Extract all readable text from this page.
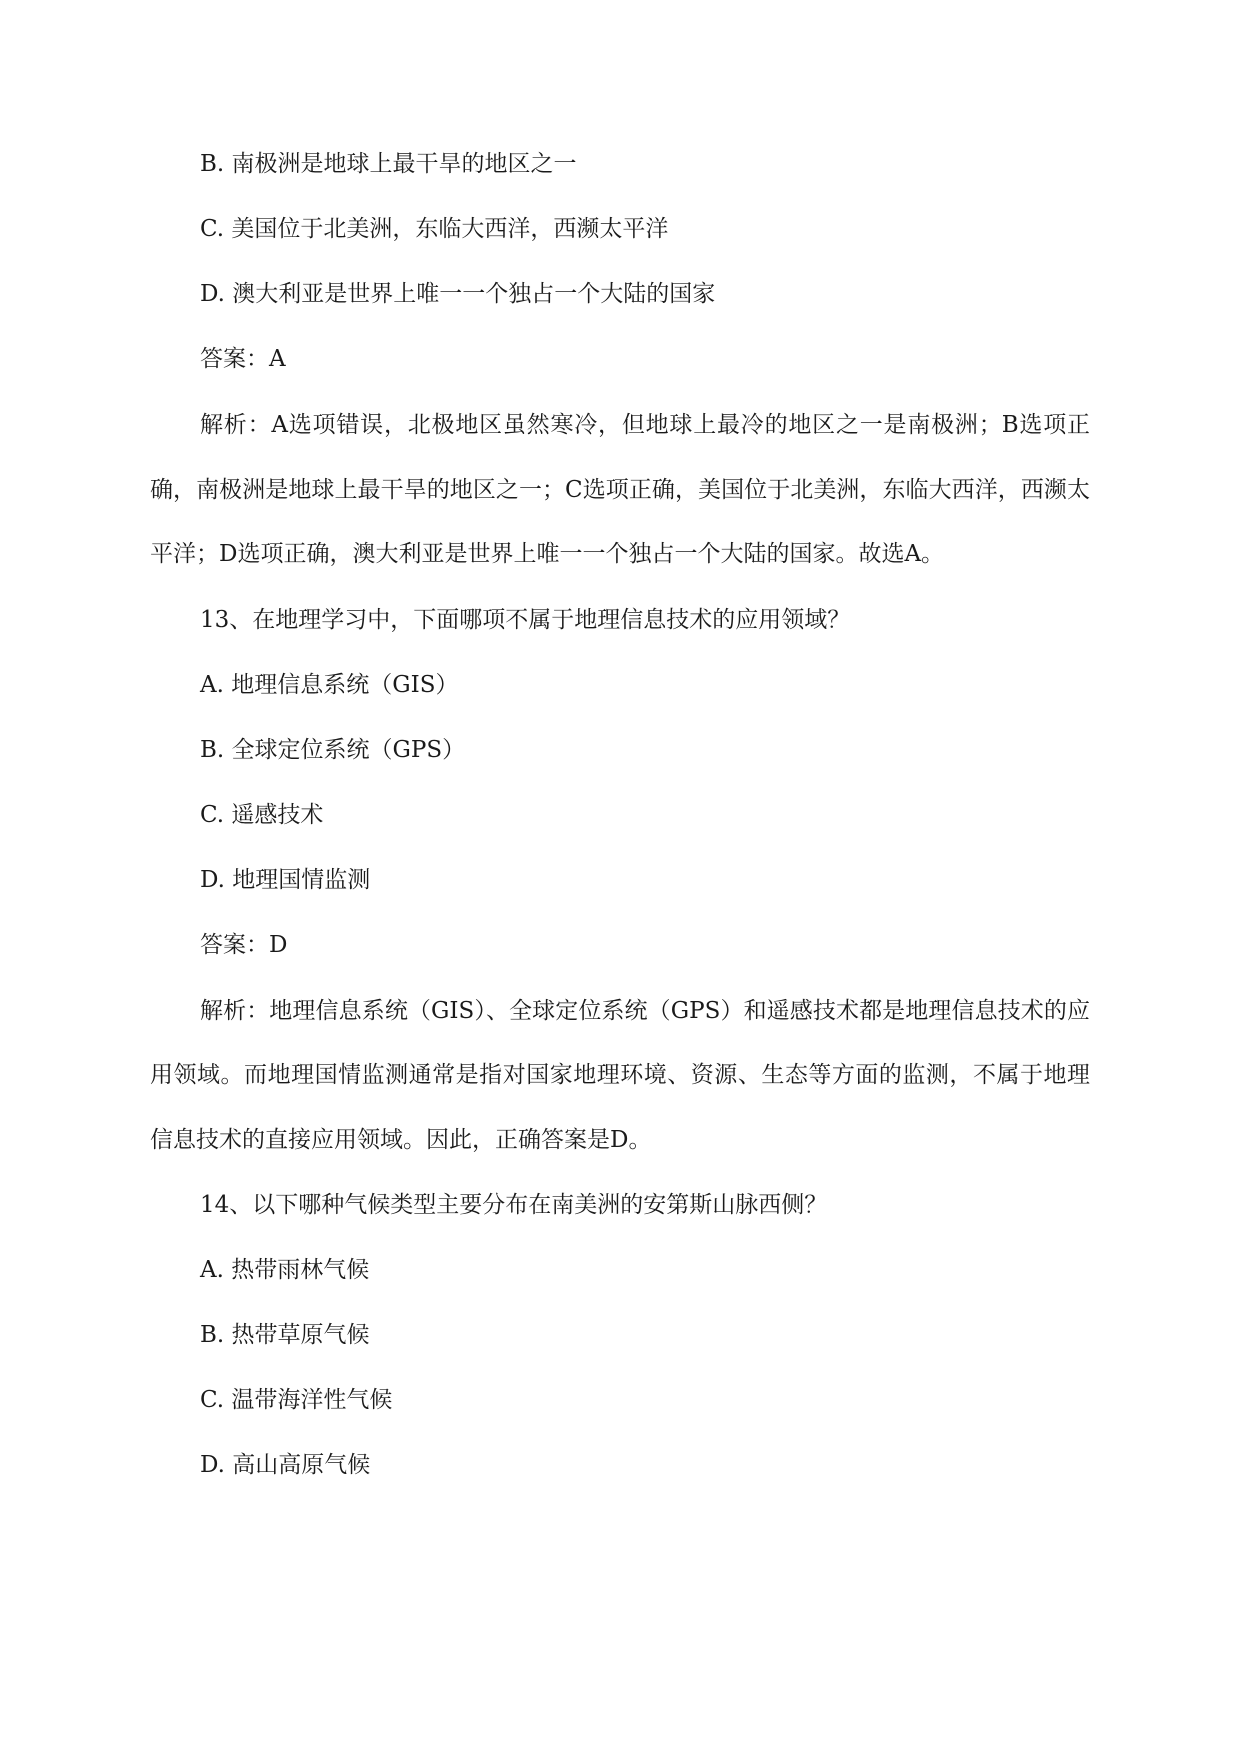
B. 南极洲是地球上最干旱的地区之一
C. 美国位于北美洲，东临大西洋，西濒太平洋
D. 澳大利亚是世界上唯一一个独占一个大陆的国家
答案：A
解析：A选项错误，北极地区虽然寒冷，但地球上最冷的地区之一是南极洲；B选项正确，南极洲是地球上最干旱的地区之一；C选项正确，美国位于北美洲，东临大西洋，西濒太平洋；D选项正确，澳大利亚是世界上唯一一个独占一个大陆的国家。故选A。
13、在地理学习中，下面哪项不属于地理信息技术的应用领域？
A. 地理信息系统（GIS）
B. 全球定位系统（GPS）
C. 遥感技术
D. 地理国情监测
答案：D
解析：地理信息系统（GIS）、全球定位系统（GPS）和遥感技术都是地理信息技术的应用领域。而地理国情监测通常是指对国家地理环境、资源、生态等方面的监测，不属于地理信息技术的直接应用领域。因此，正确答案是D。
14、以下哪种气候类型主要分布在南美洲的安第斯山脉西侧？
A. 热带雨林气候
B. 热带草原气候
C. 温带海洋性气候
D. 高山高原气候
